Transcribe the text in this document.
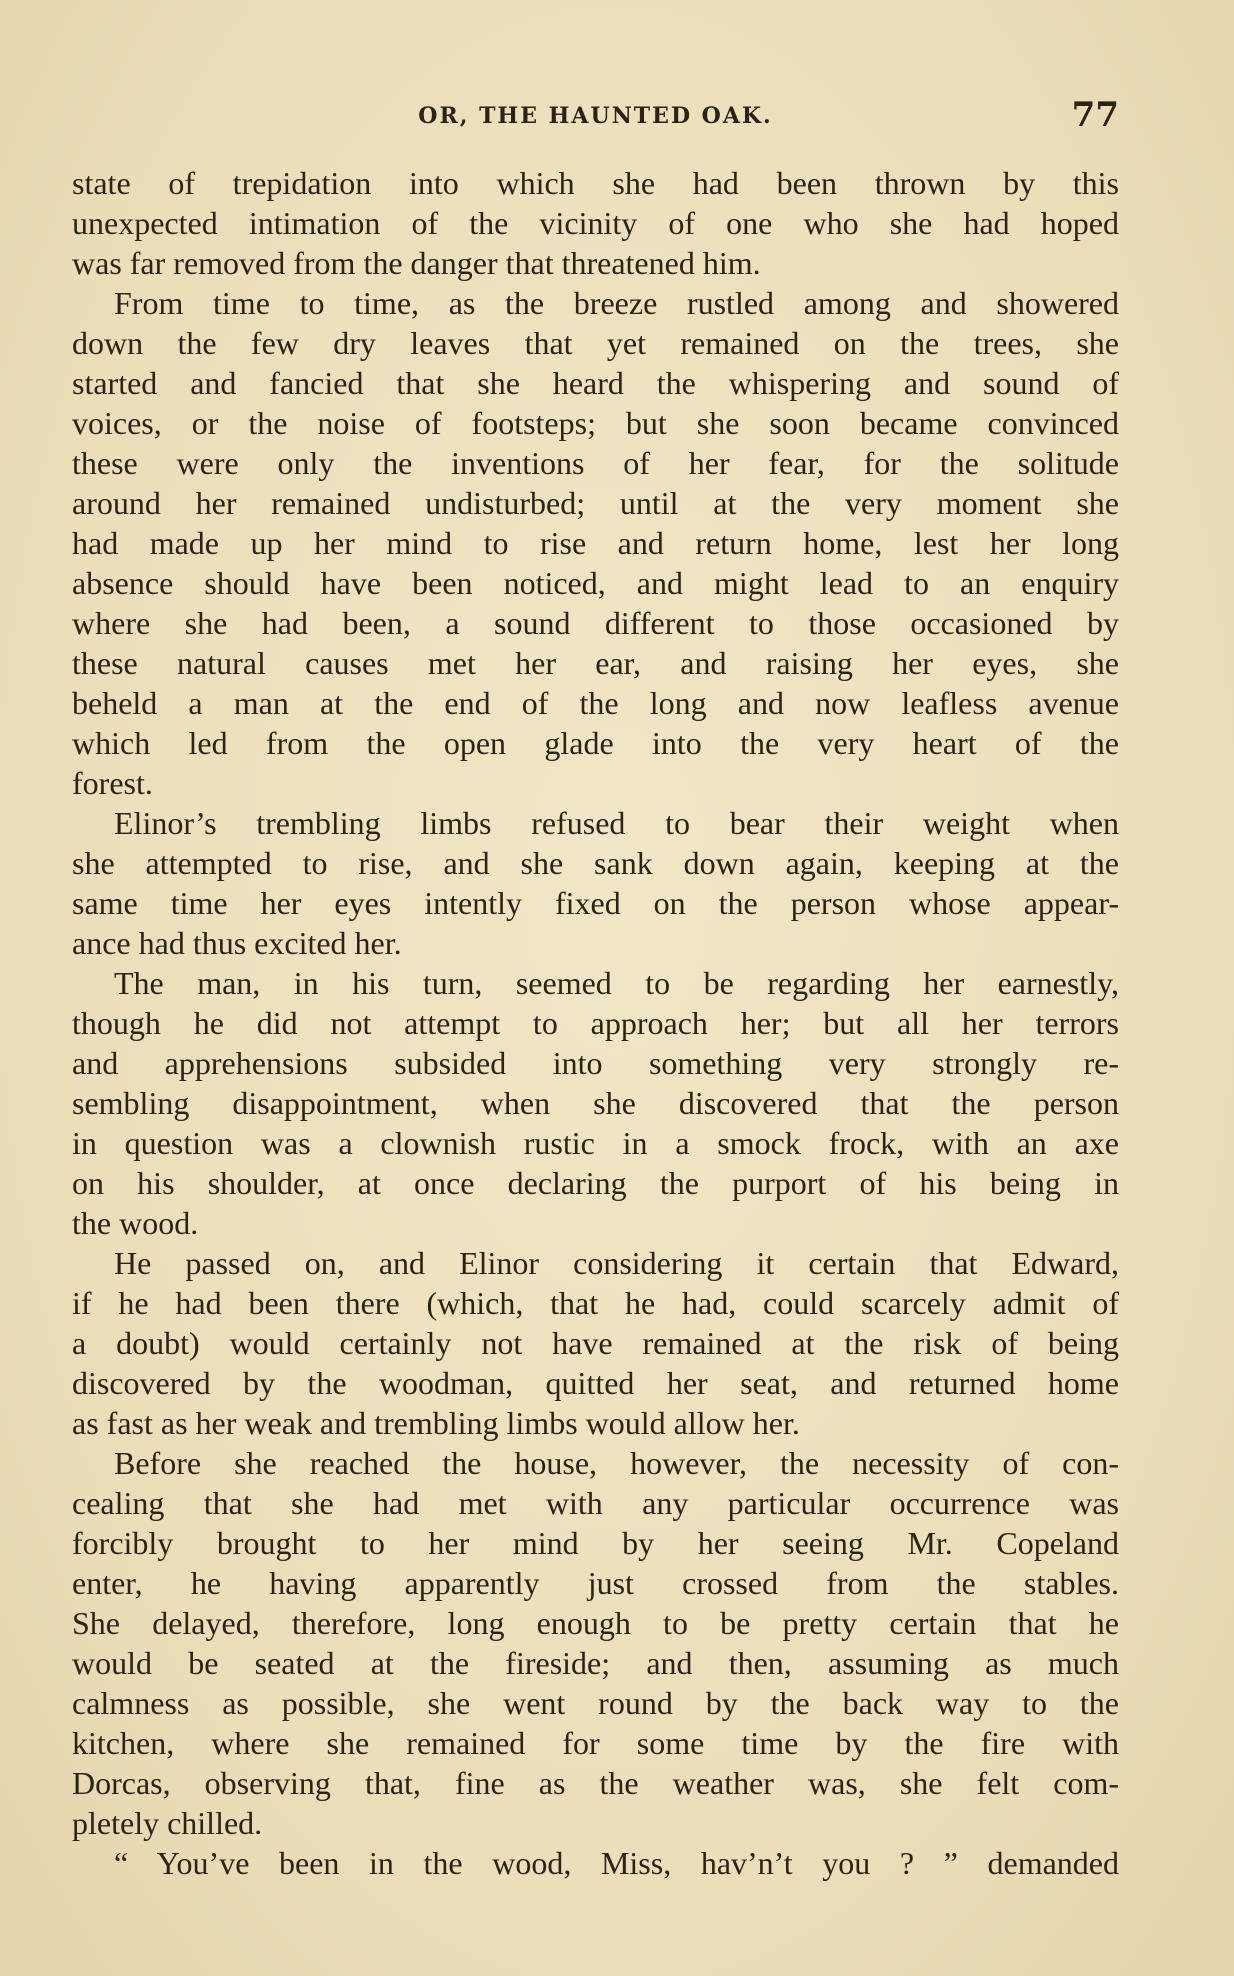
OR, THE HAUNTED OAK.	77
state of trepidation into which she had been thrown by this
unexpected intimation of the vicinity of one who she had hoped
was far removed from the danger that threatened him.
From time to time, as the breeze rustled among and showered
down the few dry leaves that yet remained on the trees, she
started and fancied that she heard the whispering and sound of
voices, or the noise of footsteps; but she soon became convinced
these were only the inventions of her fear, for the solitude
around her remained undisturbed; until at the very moment she
had made up her mind to rise and return home, lest her long
absence should have been noticed, and might lead to an enquiry
where she had been, a sound different to those occasioned by
these natural causes met her ear, and raising her eyes, she
beheld a man at the end of the long and now leafless avenue
which led from the open glade into the very heart of the
forest.
Elinor’s trembling limbs refused to bear their weight when
she attempted to rise, and she sank down again, keeping at the
same time her eyes intently fixed on the person whose appear-
ance had thus excited her.
The man, in his turn, seemed to be regarding her earnestly,
though he did not attempt to approach her; but all her terrors
and apprehensions subsided into something very strongly re-
sembling disappointment, when she discovered that the person
in question was a clownish rustic in a smock frock, with an axe
on his shoulder, at once declaring the purport of his being in
the wood.
He passed on, and Elinor considering it certain that Edward,
if he had been there (which, that he had, could scarcely admit of
a doubt) would certainly not have remained at the risk of being
discovered by the woodman, quitted her seat, and returned home
as fast as her weak and trembling limbs would allow her.
Before she reached the house, however, the necessity of con-
cealing that she had met with any particular occurrence was
forcibly brought to her mind by her seeing Mr. Copeland
enter, he having apparently just crossed from the stables.
She delayed, therefore, long enough to be pretty certain that he
would be seated at the fireside; and then, assuming as much
calmness as possible, she went round by the back way to the
kitchen, where she remained for some time by the fire with
Dorcas, observing that, fine as the weather was, she felt com-
pletely chilled.
“ You’ve been in the wood, Miss, hav’n’t you ? ” demanded
